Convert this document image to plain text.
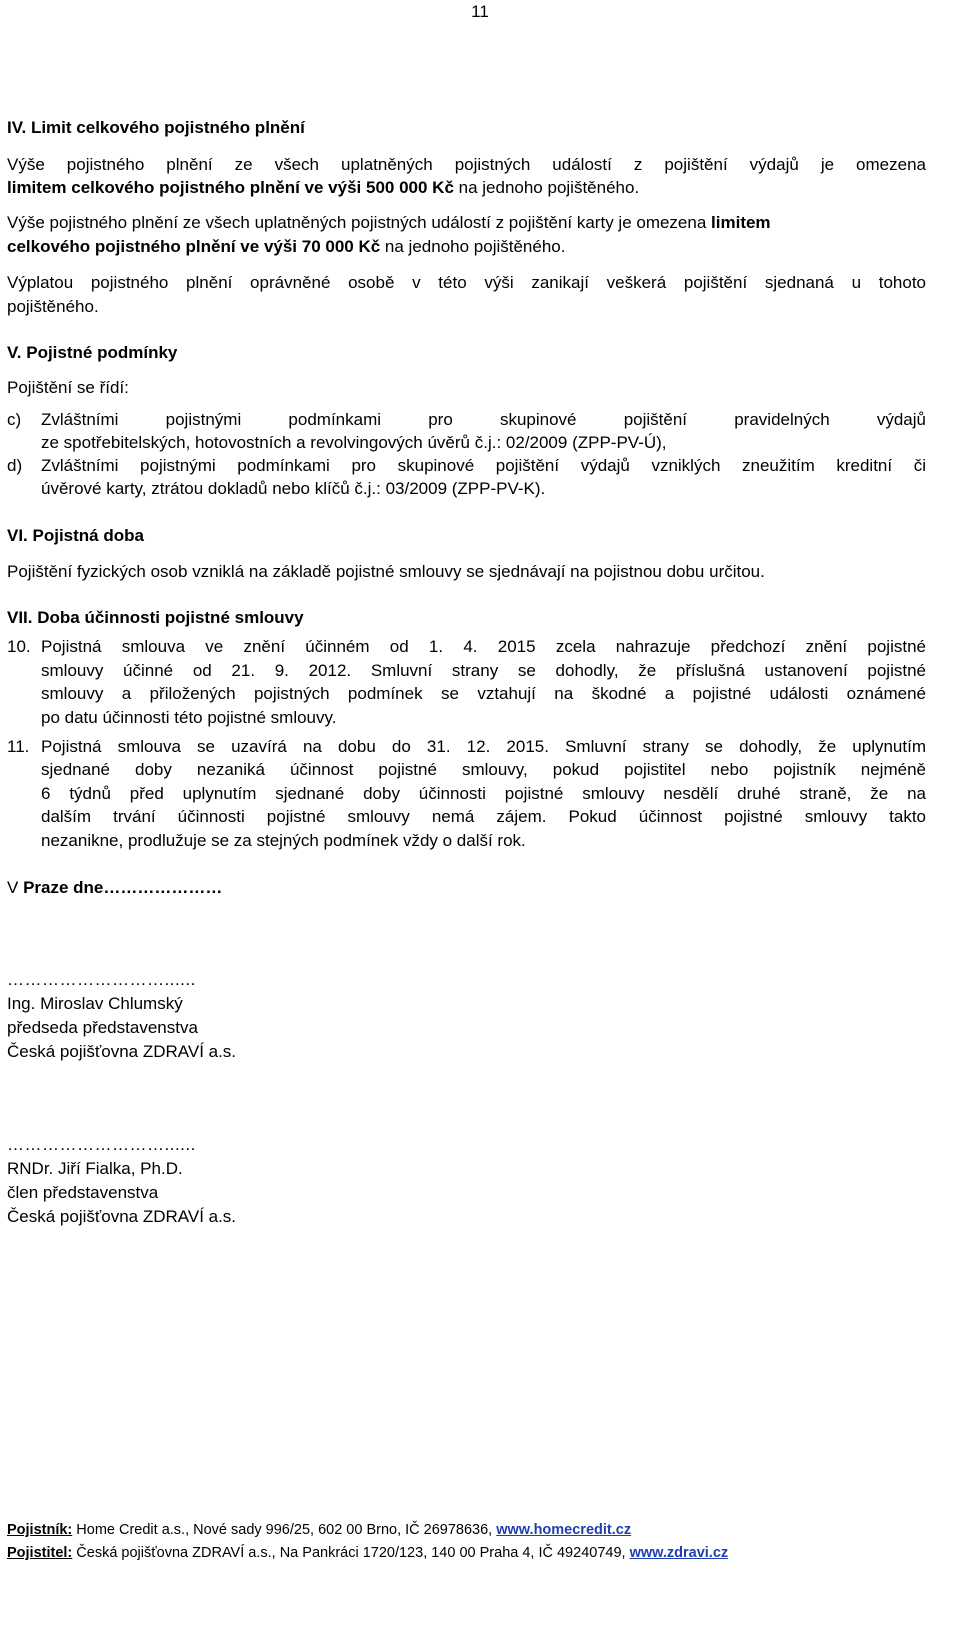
11
IV. Limit celkového pojistného plnění
Výše pojistného plnění ze všech uplatněných pojistných událostí z pojištění výdajů je omezena
limitem celkového pojistného plnění ve výši 500 000 Kč na jednoho pojištěného.
Výše pojistného plnění ze všech uplatněných pojistných událostí z pojištění karty je omezena limitem
celkového pojistného plnění ve výši 70 000 Kč na jednoho pojištěného.
Výplatou pojistného plnění oprávněné osobě v této výši zanikají veškerá pojištění sjednaná u tohoto
pojištěného.
V. Pojistné podmínky
Pojištění se řídí:
c) Zvláštními pojistnými podmínkami pro skupinové pojištění pravidelných výdajů
ze spotřebitelských, hotovostních a revolvingových úvěrů č.j.: 02/2009 (ZPP-PV-Ú),
d) Zvláštními pojistnými podmínkami pro skupinové pojištění výdajů vzniklých zneužitím kreditní či
úvěrové karty, ztrátou dokladů nebo klíčů č.j.: 03/2009 (ZPP-PV-K).
VI. Pojistná doba
Pojištění fyzických osob vzniklá na základě pojistné smlouvy se sjednávají na pojistnou dobu určitou.
VII. Doba účinnosti pojistné smlouvy
10. Pojistná smlouva ve znění účinném od 1. 4. 2015 zcela nahrazuje předchozí znění pojistné
smlouvy účinné od 21. 9. 2012. Smluvní strany se dohodly, že příslušná ustanovení pojistné
smlouvy a přiložených pojistných podmínek se vztahují na škodné a pojistné události oznámené
po datu účinnosti této pojistné smlouvy.
11. Pojistná smlouva se uzavírá na dobu do 31. 12. 2015. Smluvní strany se dohodly, že uplynutím
sjednané doby nezaniká účinnost pojistné smlouvy, pokud pojistitel nebo pojistník nejméně
6 týdnů před uplynutím sjednané doby účinnosti pojistné smlouvy nesdělí druhé straně, že na
dalším trvání účinnosti pojistné smlouvy nemá zájem. Pokud účinnost pojistné smlouvy takto
nezanikne, prodlužuje se za stejných podmínek vždy o další rok.
V Praze dne…………………
………………………......
Ing. Miroslav Chlumský
předseda představenstva
Česká pojišťovna ZDRAVÍ a.s.
………………………......
RNDr. Jiří Fialka, Ph.D.
člen představenstva
Česká pojišťovna ZDRAVÍ a.s.
Pojistník: Home Credit a.s., Nové sady 996/25, 602 00 Brno, IČ 26978636, www.homecredit.cz
Pojistitel: Česká pojišťovna ZDRAVÍ a.s., Na Pankráci 1720/123, 140 00 Praha 4, IČ 49240749, www.zdravi.cz
